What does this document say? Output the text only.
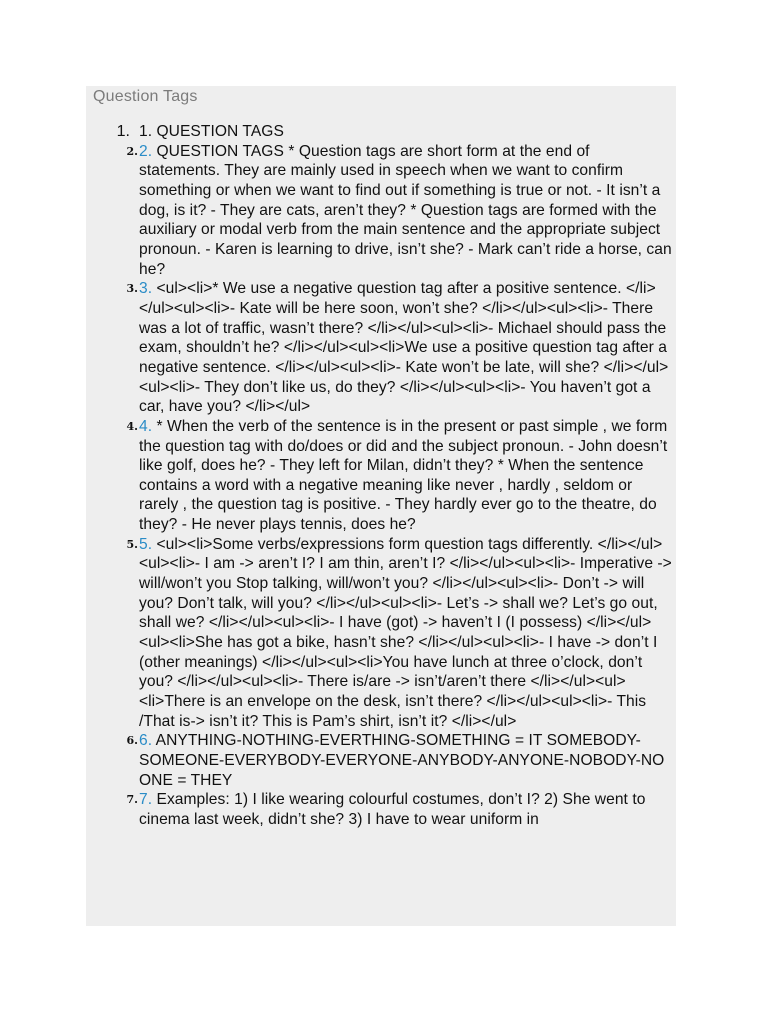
Question Tags
1. 1. QUESTION TAGS
2. 2. QUESTION TAGS * Question tags are short form at the end of statements. They are mainly used in speech when we want to confirm something or when we want to find out if something is true or not. - It isn’t a dog, is it? - They are cats, aren’t they? * Question tags are formed with the auxiliary or modal verb from the main sentence and the appropriate subject pronoun. - Karen is learning to drive, isn’t she? - Mark can’t ride a horse, can he?
3. 3. <ul><li>* We use a negative question tag after a positive sentence. </li></ul><ul><li>- Kate will be here soon, won’t she? </li></ul><ul><li>- There was a lot of traffic, wasn’t there? </li></ul><ul><li>- Michael should pass the exam, shouldn’t he? </li></ul><ul><li>We use a positive question tag after a negative sentence. </li></ul><ul><li>- Kate won’t be late, will she? </li></ul><ul><li>- They don’t like us, do they? </li></ul><ul><li>- You haven’t got a car, have you? </li></ul>
4. 4. * When the verb of the sentence is in the present or past simple , we form the question tag with do/does or did and the subject pronoun. - John doesn’t like golf, does he? - They left for Milan, didn’t they? * When the sentence contains a word with a negative meaning like never , hardly , seldom or rarely , the question tag is positive. - They hardly ever go to the theatre, do they? - He never plays tennis, does he?
5. 5. <ul><li>Some verbs/expressions form question tags differently. </li></ul><ul><li>- I am -> aren’t I? I am thin, aren’t I? </li></ul><ul><li>- Imperative -> will/won’t you Stop talking, will/won’t you? </li></ul><ul><li>- Don’t -> will you? Don’t talk, will you? </li></ul><ul><li>- Let’s -> shall we? Let’s go out, shall we? </li></ul><ul><li>- I have (got) -> haven’t I (I possess) </li></ul><ul><li>She has got a bike, hasn’t she? </li></ul><ul><li>- I have -> don’t I (other meanings) </li></ul><ul><li>You have lunch at three o’clock, don’t you? </li></ul><ul><li>- There is/are -> isn’t/aren’t there </li></ul><ul><li>There is an envelope on the desk, isn’t there? </li></ul><ul><li>- This /That is-> isn’t it? This is Pam’s shirt, isn’t it? </li></ul>
6. 6. ANYTHING-NOTHING-EVERTHING-SOMETHING = IT SOMEBODY-SOMEONE-EVERYBODY-EVERYONE-ANYBODY-ANYONE-NOBODY-NO ONE = THEY
7. 7. Examples: 1) I like wearing colourful costumes, don’t I? 2) She went to cinema last week, didn’t she? 3) I have to wear uniform in
